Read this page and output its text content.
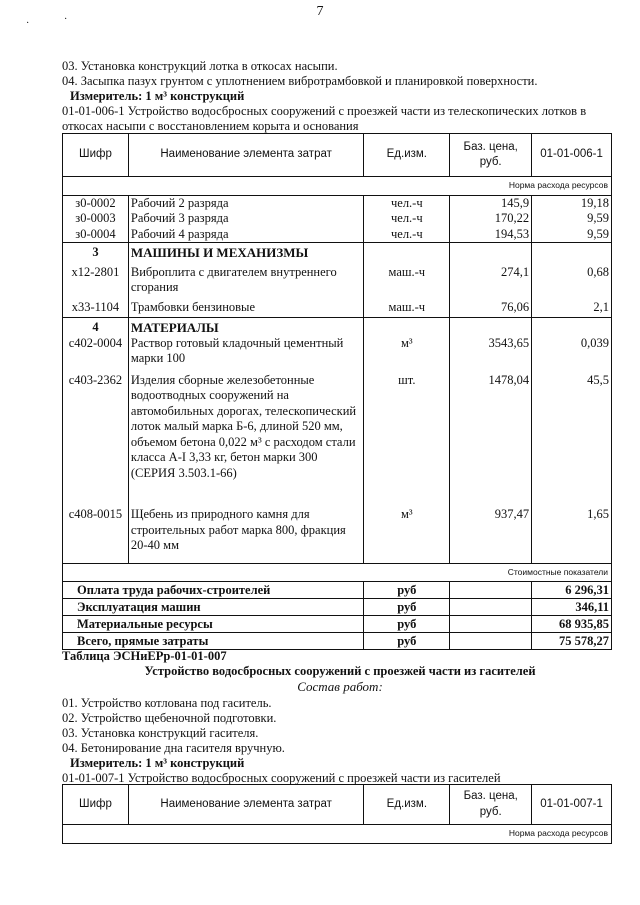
7
·	·
03. Установка конструкций лотка в откосах насыпи.
04. Засыпка пазух грунтом с уплотнением вибротрамбовкой и планировкой поверхности.
Измеритель: 1 м³ конструкций
01-01-006-1 Устройство водосбросных сооружений с проезжей части из телескопических лотков в
откосах насыпи с восстановлением корыта и основания
Шифр	Наименование элемента затрат	Ед.изм.	Баз. цена, руб.	01-01-006-1
Норма расхода ресурсов				
з0-0002	Рабочий 2 разряда	чел.-ч	145,9	19,18
з0-0003	Рабочий 3 разряда	чел.-ч	170,22	9,59
з0-0004	Рабочий 4 разряда	чел.-ч	194,53	9,59
3	МАШИНЫ И МЕХАНИЗМЫ			
х12-2801	Виброплита с двигателем внутреннего сгорания	маш.-ч	274,1	0,68
х33-1104	Трамбовки бензиновые	маш.-ч	76,06	2,1
4	МАТЕРИАЛЫ			
с402-0004	Раствор готовый кладочный цементный марки 100	м³	3543,65	0,039
с403-2362	Изделия сборные железобетонные водоотводных сооружений на автомобильных дорогах, телескопический лоток малый марка Б-6, длиной 520 мм, объемом бетона 0,022 м³ с расходом стали класса А-I 3,33 кг, бетон марки 300 (СЕРИЯ 3.503.1-66)	шт.	1478,04	45,5
с408-0015	Щебень из природного камня для строительных работ марка 800, фракция 20-40 мм	м³	937,47	1,65
Стоимостные показатели				
Оплата труда рабочих-строителей		руб		6 296,31
Эксплуатация машин		руб		346,11
Материальные ресурсы		руб		68 935,85
Всего, прямые затраты		руб		75 578,27
Таблица ЭСНиЕРр-01-01-007
Устройство водосбросных сооружений с проезжей части из гасителей
Состав работ:
01. Устройство котлована под гаситель.
02. Устройство щебеночной подготовки.
03. Установка конструкций гасителя.
04. Бетонирование дна гасителя вручную.
Измеритель: 1 м³ конструкций
01-01-007-1 Устройство водосбросных сооружений с проезжей части из гасителей
Шифр	Наименование элемента затрат	Ед.изм.	Баз. цена, руб.	01-01-007-1
Норма расхода ресурсов
